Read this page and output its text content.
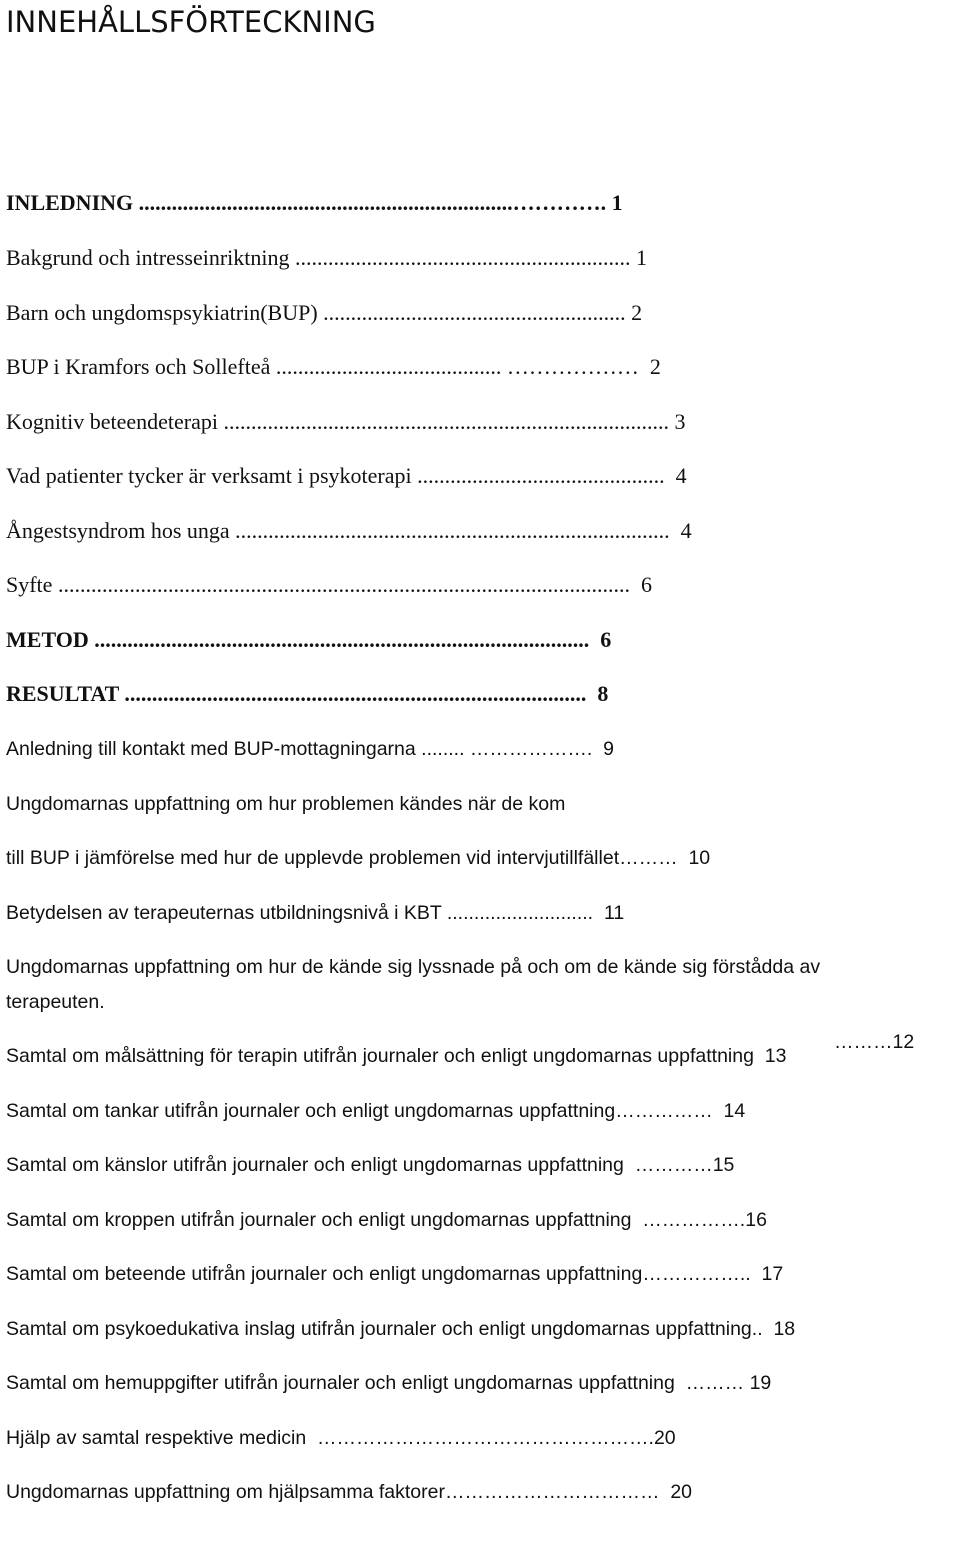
INNEHÅLLSFÖRTECKNING

INLEDNING ....................................................................…………. 1

Bakgrund och intresseinriktning ............................................................. 1

Barn och ungdomspsykiatrin(BUP) ....................................................... 2

BUP i Kramfors och Sollefteå ......................................... ………………  2

Kognitiv beteendeterapi ................................................................................. 3

Vad patienter tycker är verksamt i psykoterapi .............................................  4

Ångestsyndrom hos unga ...............................................................................  4

Syfte ........................................................................................................  6

METOD ..........................................................................................  6

RESULTAT ....................................................................................  8

Anledning till kontakt med BUP-mottagningarna ........ ……………….  9

Ungdomarnas uppfattning om hur problemen kändes när de kom

till BUP i jämförelse med hur de upplevde problemen vid intervjutillfället………  10

Betydelsen av terapeuternas utbildningsnivå i KBT ...........................  11

Ungdomarnas uppfattning om hur de kände sig lyssnade på och om de kände sig förstådda av

terapeuten.

………12

Samtal om målsättning för terapin utifrån journaler och enligt ungdomarnas uppfattning  13

Samtal om tankar utifrån journaler och enligt ungdomarnas uppfattning……………  14

Samtal om känslor utifrån journaler och enligt ungdomarnas uppfattning  …………15

Samtal om kroppen utifrån journaler och enligt ungdomarnas uppfattning  …………….16

Samtal om beteende utifrån journaler och enligt ungdomarnas uppfattning……………..  17

Samtal om psykoedukativa inslag utifrån journaler och enligt ungdomarnas uppfattning..  18

Samtal om hemuppgifter utifrån journaler och enligt ungdomarnas uppfattning  ……… 19

Hjälp av samtal respektive medicin  …………………………………………….20

Ungdomarnas uppfattning om hjälpsamma faktorer……………………………  20
